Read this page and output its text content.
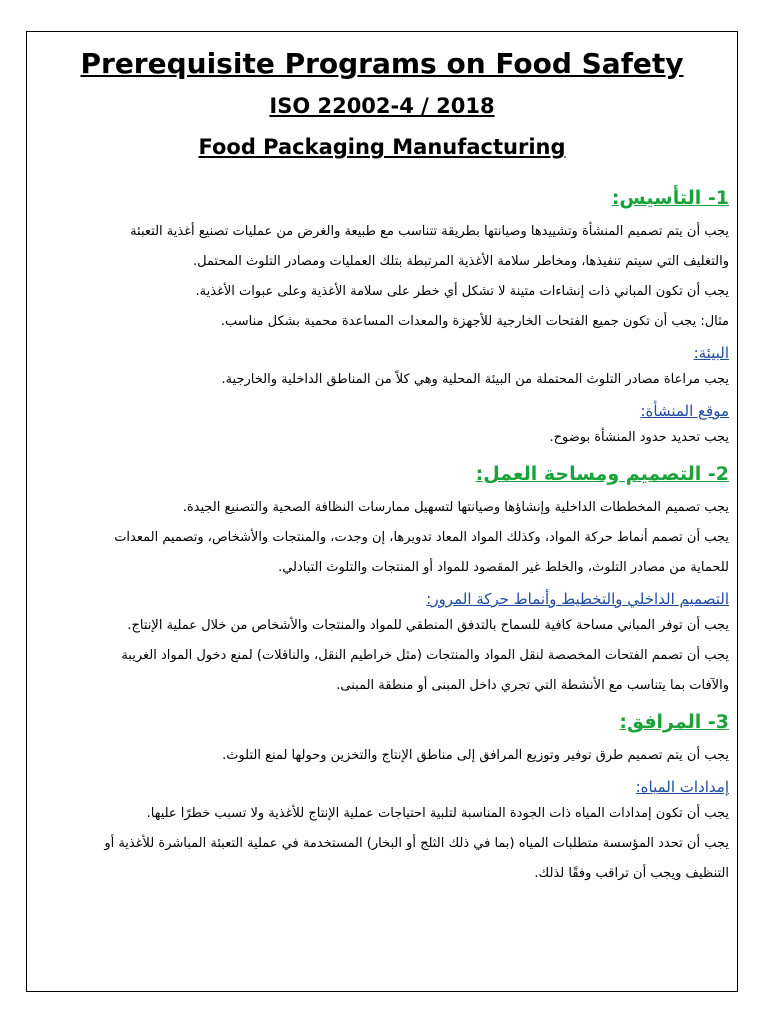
Prerequisite Programs on Food Safety
ISO 22002-4 / 2018
Food Packaging Manufacturing
1- التأسيس:

يجب أن يتم تصميم المنشأة وتشييدها وصيانتها بطريقة تتناسب مع طبيعة والغرض من عمليات تصنيع أغذية التعبئة

والتغليف التي سيتم تنفيذها، ومخاطر سلامة الأغذية المرتبطة بتلك العمليات ومصادر التلوث المحتمل.

يجب أن تكون المباني ذات إنشاءات متينة لا تشكل أي خطر على سلامة الأغذية وعلى عبوات الأغذية.

مثال: يجب أن تكون جميع الفتحات الخارجية للأجهزة والمعدات المساعدة محمية بشكل مناسب.

البيئة:

يجب مراعاة مصادر التلوث المحتملة من البيئة المحلية وهي كلاً من المناطق الداخلية والخارجية.

موقع المنشأة:

يجب تحديد حدود المنشأة بوضوح.

2- التصميم ومساحة العمل:

يجب تصميم المخططات الداخلية وإنشاؤها وصيانتها لتسهيل ممارسات النظافة الصحية والتصنيع الجيدة.

يجب أن تصمم أنماط حركة المواد، وكذلك المواد المعاد تدويرها، إن وجدت، والمنتجات والأشخاص، وتصميم المعدات

للحماية من مصادر التلوث، والخلط غير المقصود للمواد أو المنتجات والتلوث التبادلي.

التصميم الداخلي والتخطيط وأنماط حركة المرور:

يجب أن توفر المباني مساحة كافية للسماح بالتدفق المنطقي للمواد والمنتجات والأشخاص من خلال عملية الإنتاج.

يجب أن تصمم الفتحات المخصصة لنقل المواد والمنتجات (مثل خراطيم النقل، والناقلات) لمنع دخول المواد الغريبة

والآفات بما يتناسب مع الأنشطة التي تجري داخل المبنى أو منطقة المبنى.

3- المرافق:

يجب أن يتم تصميم طرق توفير وتوزيع المرافق إلى مناطق الإنتاج والتخزين وحولها لمنع التلوث.

إمدادات المياه:

يجب أن تكون إمدادات المياه ذات الجودة المناسبة لتلبية احتياجات عملية الإنتاج للأغذية ولا تسبب خطرًا عليها.

يجب أن تحدد المؤسسة متطلبات المياه (بما في ذلك الثلج أو البخار) المستخدمة في عملية التعبئة المباشرة للأغذية أو

التنظيف ويجب أن تراقب وفقًا لذلك.
